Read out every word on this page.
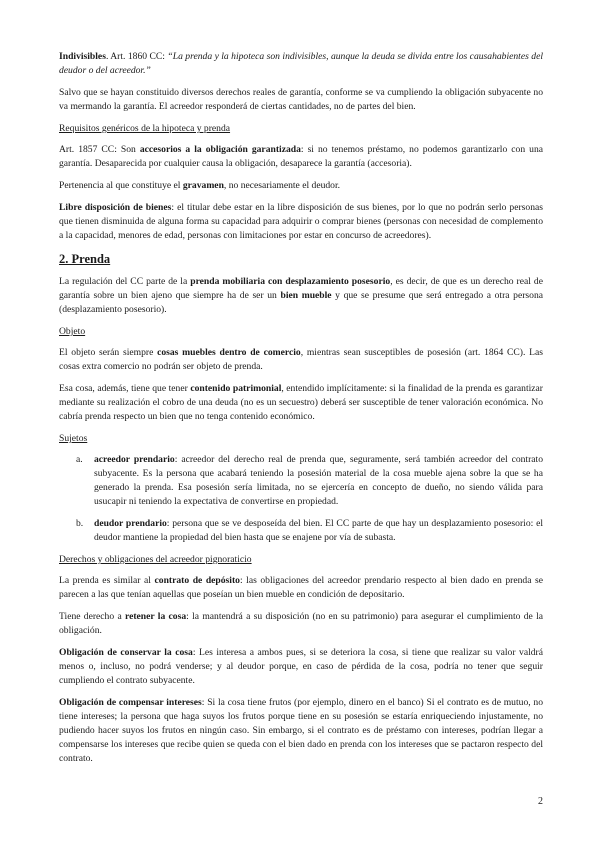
Indivisibles. Art. 1860 CC: “La prenda y la hipoteca son indivisibles, aunque la deuda se divida entre los causahabientes del deudor o del acreedor.”

Salvo que se hayan constituido diversos derechos reales de garantía, conforme se va cumpliendo la obligación subyacente no va mermando la garantía. El acreedor responderá de ciertas cantidades, no de partes del bien.

Requisitos genéricos de la hipoteca y prenda

Art. 1857 CC: Son accesorios a la obligación garantizada: si no tenemos préstamo, no podemos garantizarlo con una garantía. Desaparecida por cualquier causa la obligación, desaparece la garantía (accesoria).

Pertenencia al que constituye el gravamen, no necesariamente el deudor.

Libre disposición de bienes: el titular debe estar en la libre disposición de sus bienes, por lo que no podrán serlo personas que tienen disminuida de alguna forma su capacidad para adquirir o comprar bienes (personas con necesidad de complemento a la capacidad, menores de edad, personas con limitaciones por estar en concurso de acreedores).

2. Prenda

La regulación del CC parte de la prenda mobiliaria con desplazamiento posesorio, es decir, de que es un derecho real de garantía sobre un bien ajeno que siempre ha de ser un bien mueble y que se presume que será entregado a otra persona (desplazamiento posesorio).

Objeto

El objeto serán siempre cosas muebles dentro de comercio, mientras sean susceptibles de posesión (art. 1864 CC). Las cosas extra comercio no podrán ser objeto de prenda.

Esa cosa, además, tiene que tener contenido patrimonial, entendido implícitamente: si la finalidad de la prenda es garantizar mediante su realización el cobro de una deuda (no es un secuestro) deberá ser susceptible de tener valoración económica. No cabría prenda respecto un bien que no tenga contenido económico.

Sujetos
a.	acreedor prendario: acreedor del derecho real de prenda que, seguramente, será también acreedor del contrato subyacente. Es la persona que acabará teniendo la posesión material de la cosa mueble ajena sobre la que se ha generado la prenda. Esa posesión sería limitada, no se ejercería en concepto de dueño, no siendo válida para usucapir ni teniendo la expectativa de convertirse en propiedad.
b.	deudor prendario: persona que se ve desposeída del bien. El CC parte de que hay un desplazamiento posesorio: el deudor mantiene la propiedad del bien hasta que se enajene por vía de subasta.
Derechos y obligaciones del acreedor pignoraticio

La prenda es similar al contrato de depósito: las obligaciones del acreedor prendario respecto al bien dado en prenda se parecen a las que tenían aquellas que poseían un bien mueble en condición de depositario.

Tiene derecho a retener la cosa: la mantendrá a su disposición (no en su patrimonio) para asegurar el cumplimiento de la obligación.

Obligación de conservar la cosa: Les interesa a ambos pues, si se deteriora la cosa, si tiene que realizar su valor valdrá menos o, incluso, no podrá venderse; y al deudor porque, en caso de pérdida de la cosa, podría no tener que seguir cumpliendo el contrato subyacente.

Obligación de compensar intereses: Si la cosa tiene frutos (por ejemplo, dinero en el banco) Si el contrato es de mutuo, no tiene intereses; la persona que haga suyos los frutos porque tiene en su posesión se estaría enriqueciendo injustamente, no pudiendo hacer suyos los frutos en ningún caso. Sin embargo, si el contrato es de préstamo con intereses, podrían llegar a compensarse los intereses que recibe quien se queda con el bien dado en prenda con los intereses que se pactaron respecto del contrato.

2
